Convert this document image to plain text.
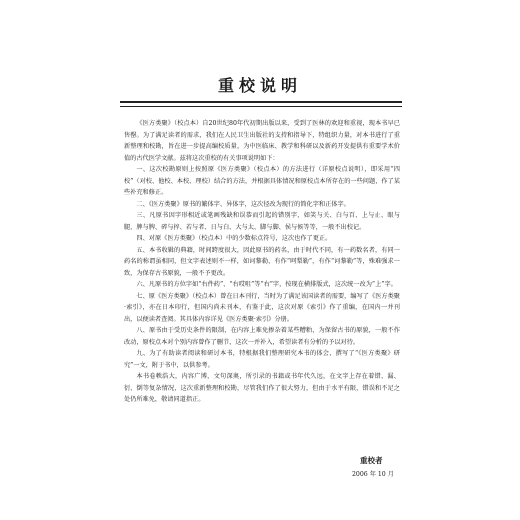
重校说明

《医方类聚》（校点本）自20世纪80年代初期出版以来，受到了医林的欢迎和重视，现本书早已售罄。为了满足读者的需求，我们在人民卫生出版社的支持和指导下，特组织力量，对本书进行了重新整理和校勘，旨在进一步提高编校质量，为中医临床、教学和科研以及新药开发提供有重要学术价值的古代医学文献。兹将这次重校的有关事项说明如下：

一、这次校勘原则上按照原《医方类聚》（校点本）的方法进行（详原校点说明），即采用“四校”（对校、他校、本校、理校）结合的方法，并根据具体情况和原校点本所存在的一些问题，作了某些补充和修正。

二、《医方类聚》原书的繁体字、异体字，这次径改为现行的简化字和正体字。

三、凡原书因字形相近或笔画残缺和误恭而引起的错别字，如笑与关、白与百、上与止、眼与腿、脾与脾、碎与捽、若与者、日与白、大与太、脚与脚、侯与候等等，一般不出校记。

四、对原《医方类聚》（校点本）中的少数标点符号，这次也作了更正。

五、本书收辑的典籍，时间跨度很大，因此原书的药名，由于时代不同，有一药数名者，有同一药名的称谓虽相同，但文字表述则不一样，如诃黎勒，有作“呵梨勒”，有作“诃黎勒”等，殊难强求一致，为保存古书原貌，一般不予更改。

六、凡原书的方位字如“右件药”、“右哎咀”等“右”字，按现在横排版式，这次统一改为“上”字。

七、原《医方类聚》（校点本）曾在日本刊行，当时为了满足该国读者的需要，编写了《医方类聚·索引》，亦在日本印行，但国内尚未刊本，有鉴于此，这次对原《索引》作了重编，在国内一并刊出，以便读者查阅。其具体内容详见《医方类聚·索引》分册。

八、原书由于受历史条件的限制，在内容上难免掺杂着某些糟粕，为保留古书的原貌，一般不作改动，原校点本对个别内容曾作了删节，这次一并补入，希望读者有分析的予以对待。

九、为了有助读者阅读和研讨本书，特根据我们整理研究本书的体会，撰写了“《医方类聚》研究”一文，附于书中，以供参考。

本书卷帙浩大，内容广博，文句深奥，所引录的书籍或书年代久远，在文字上存在着错、漏、衍、倒等复杂情况，这次重新整理和校勘，尽管我们作了很大努力，但由于水平有限，错误和不足之处仍所难免，敬请同道指正。

重校者

2006 年 10 月
